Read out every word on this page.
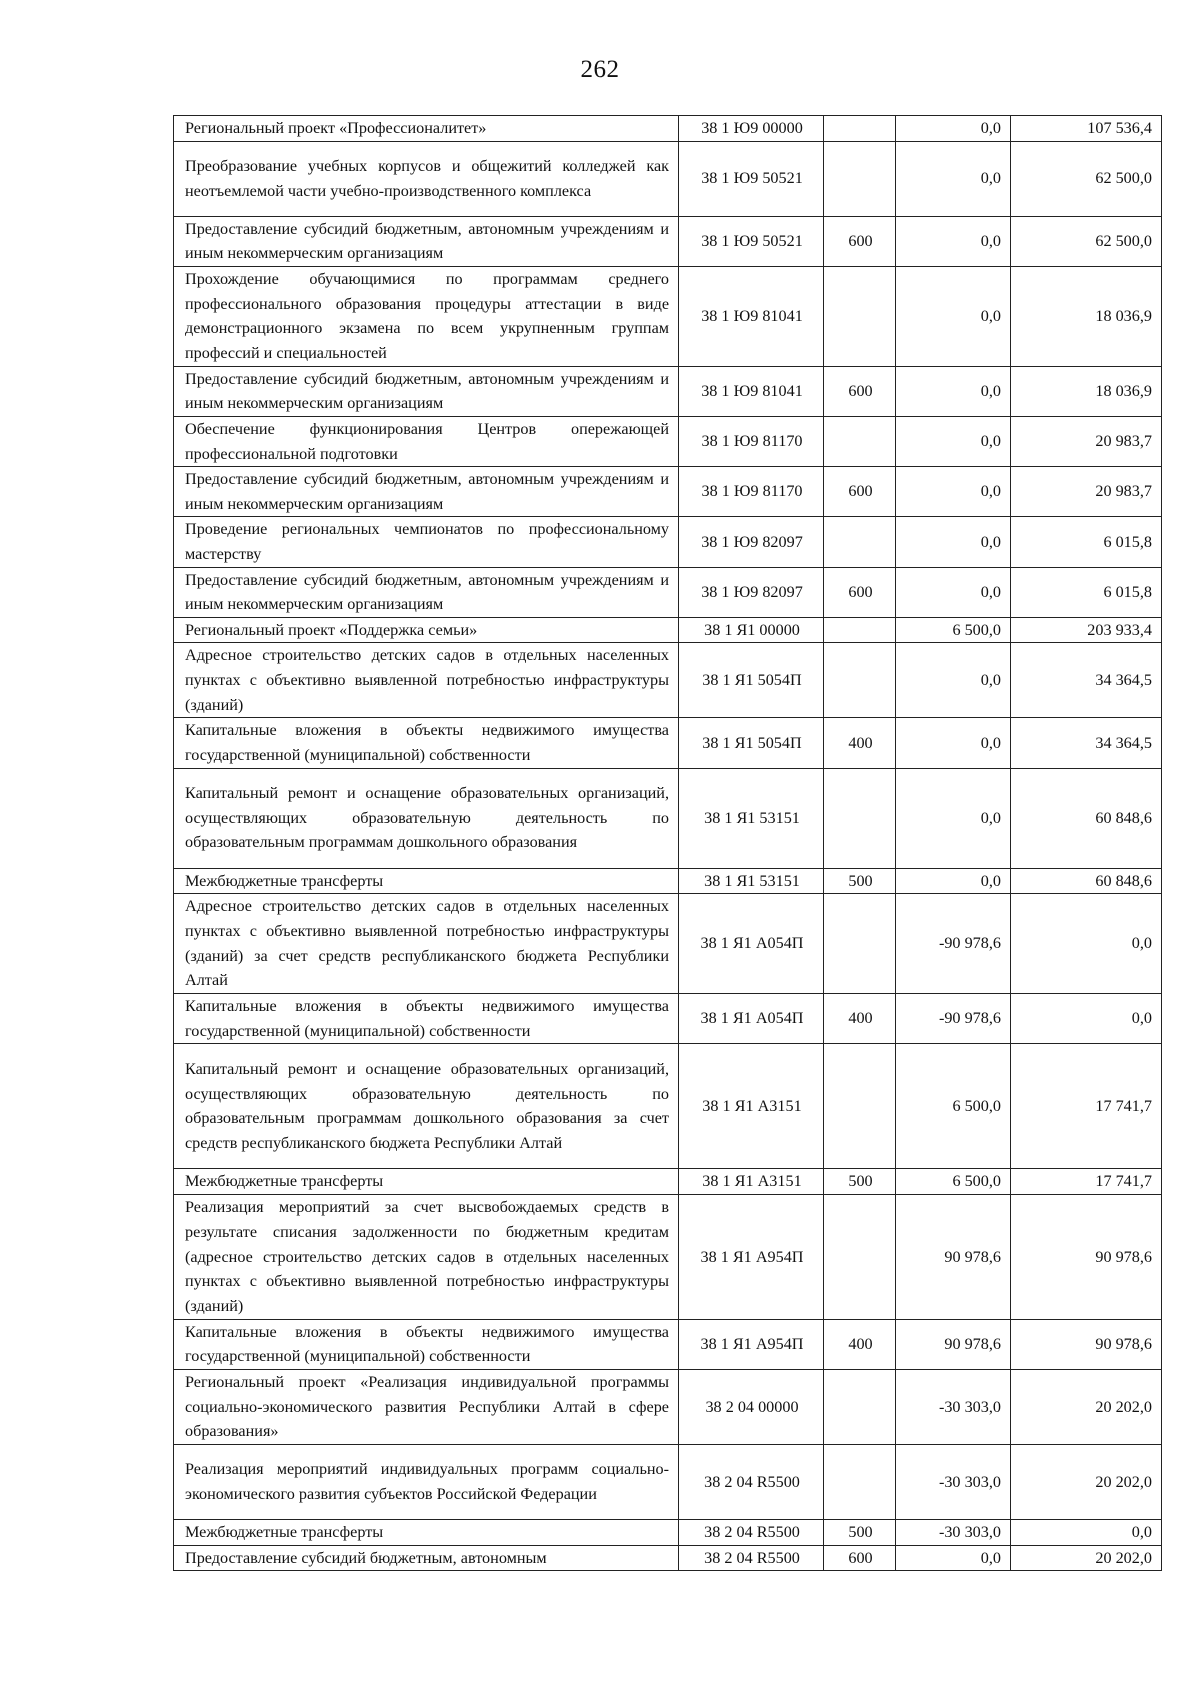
262
Региональный проект «Профессионалитет»	38 1 Ю9 00000		0,0	107 536,4
Преобразование учебных корпусов и общежитий колледжей как неотъемлемой части учебно-производственного комплекса	38 1 Ю9 50521		0,0	62 500,0
Предоставление субсидий бюджетным, автономным учреждениям и иным некоммерческим организациям	38 1 Ю9 50521	600	0,0	62 500,0
Прохождение обучающимися по программам среднего профессионального образования процедуры аттестации в виде демонстрационного экзамена по всем укрупненным группам профессий и специальностей	38 1 Ю9 81041		0,0	18 036,9
Предоставление субсидий бюджетным, автономным учреждениям и иным некоммерческим организациям	38 1 Ю9 81041	600	0,0	18 036,9
Обеспечение функционирования Центров опережающей профессиональной подготовки	38 1 Ю9 81170		0,0	20 983,7
Предоставление субсидий бюджетным, автономным учреждениям и иным некоммерческим организациям	38 1 Ю9 81170	600	0,0	20 983,7
Проведение региональных чемпионатов по профессиональному мастерству	38 1 Ю9 82097		0,0	6 015,8
Предоставление субсидий бюджетным, автономным учреждениям и иным некоммерческим организациям	38 1 Ю9 82097	600	0,0	6 015,8
Региональный проект «Поддержка семьи»	38 1 Я1 00000		6 500,0	203 933,4
Адресное строительство детских садов в отдельных населенных пунктах с объективно выявленной потребностью инфраструктуры (зданий)	38 1 Я1 5054П		0,0	34 364,5
Капитальные вложения в объекты недвижимого имущества государственной (муниципальной) собственности	38 1 Я1 5054П	400	0,0	34 364,5
Капитальный ремонт и оснащение образовательных организаций, осуществляющих образовательную деятельность по образовательным программам дошкольного образования	38 1 Я1 53151		0,0	60 848,6
Межбюджетные трансферты	38 1 Я1 53151	500	0,0	60 848,6
Адресное строительство детских садов в отдельных населенных пунктах с объективно выявленной потребностью инфраструктуры (зданий) за счет средств республиканского бюджета Республики Алтай	38 1 Я1 А054П		-90 978,6	0,0
Капитальные вложения в объекты недвижимого имущества государственной (муниципальной) собственности	38 1 Я1 А054П	400	-90 978,6	0,0
Капитальный ремонт и оснащение образовательных организаций, осуществляющих образовательную деятельность по образовательным программам дошкольного образования за счет средств республиканского бюджета Республики Алтай	38 1 Я1 А3151		6 500,0	17 741,7
Межбюджетные трансферты	38 1 Я1 А3151	500	6 500,0	17 741,7
Реализация мероприятий за счет высвобождаемых средств в результате списания задолженности по бюджетным кредитам (адресное строительство детских садов в отдельных населенных пунктах с объективно выявленной потребностью инфраструктуры (зданий)	38 1 Я1 А954П		90 978,6	90 978,6
Капитальные вложения в объекты недвижимого имущества государственной (муниципальной) собственности	38 1 Я1 А954П	400	90 978,6	90 978,6
Региональный проект «Реализация индивидуальной программы социально-экономического развития Республики Алтай в сфере образования»	38 2 04 00000		-30 303,0	20 202,0
Реализация мероприятий индивидуальных программ социально-экономического развития субъектов Российской Федерации	38 2 04 R5500		-30 303,0	20 202,0
Межбюджетные трансферты	38 2 04 R5500	500	-30 303,0	0,0
Предоставление субсидий бюджетным, автономным	38 2 04 R5500	600	0,0	20 202,0
